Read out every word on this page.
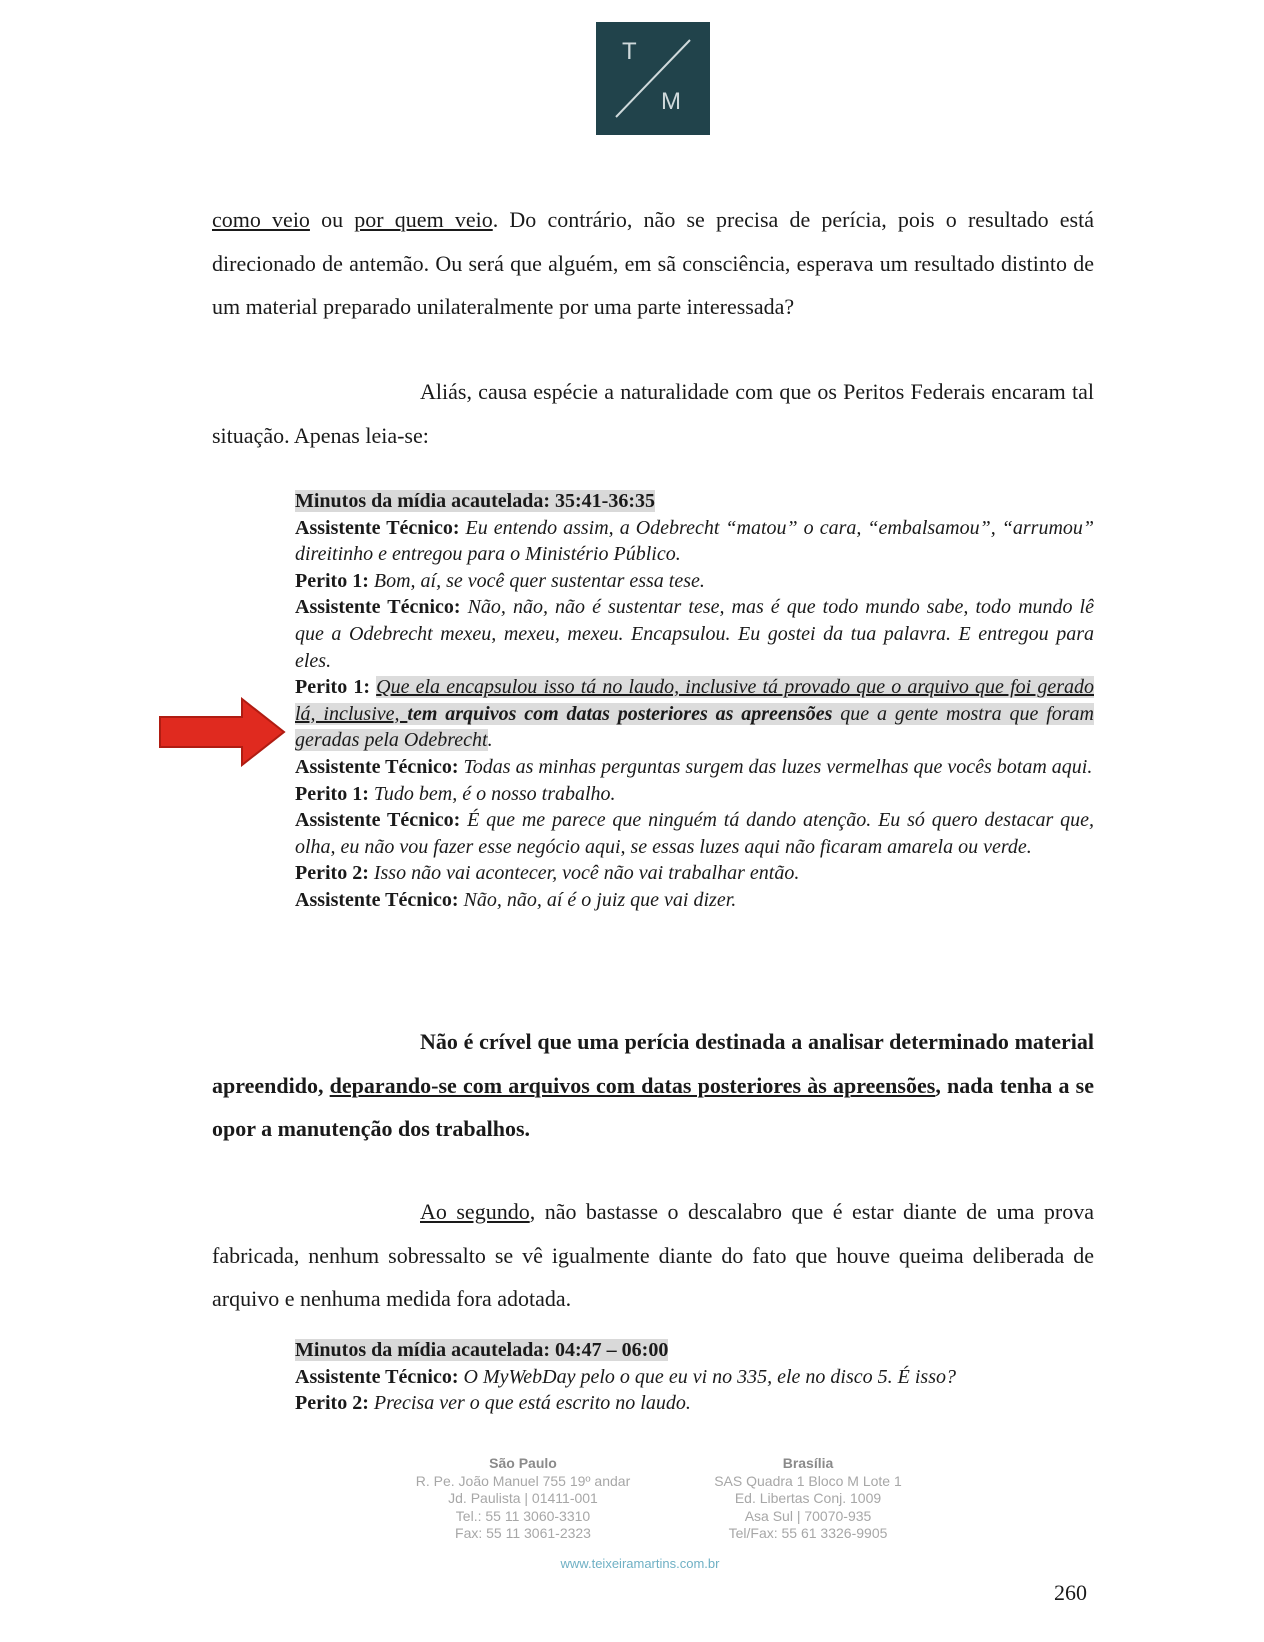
T
M

como veio ou por quem veio. Do contrário, não se precisa de perícia, pois o resultado está direcionado de antemão. Ou será que alguém, em sã consciência, esperava um resultado distinto de um material preparado unilateralmente por uma parte interessada?

Aliás, causa espécie a naturalidade com que os Peritos Federais encaram tal situação. Apenas leia-se:

Minutos da mídia acautelada: 35:41-36:35

Assistente Técnico: Eu entendo assim, a Odebrecht “matou” o cara, “embalsamou”, “arrumou” direitinho e entregou para o Ministério Público.

Perito 1: Bom, aí, se você quer sustentar essa tese.

Assistente Técnico: Não, não, não é sustentar tese, mas é que todo mundo sabe, todo mundo lê que a Odebrecht mexeu, mexeu, mexeu. Encapsulou. Eu gostei da tua palavra. E entregou para eles.

Perito 1: Que ela encapsulou isso tá no laudo, inclusive tá provado que o arquivo que foi gerado lá, inclusive, tem arquivos com datas posteriores as apreensões que a gente mostra que foram geradas pela Odebrecht.

Assistente Técnico: Todas as minhas perguntas surgem das luzes vermelhas que vocês botam aqui.

Perito 1: Tudo bem, é o nosso trabalho.

Assistente Técnico: É que me parece que ninguém tá dando atenção. Eu só quero destacar que, olha, eu não vou fazer esse negócio aqui, se essas luzes aqui não ficaram amarela ou verde.

Perito 2: Isso não vai acontecer, você não vai trabalhar então.

Assistente Técnico: Não, não, aí é o juiz que vai dizer.

Não é crível que uma perícia destinada a analisar determinado material apreendido, deparando-se com arquivos com datas posteriores às apreensões, nada tenha a se opor a manutenção dos trabalhos.

Ao segundo, não bastasse o descalabro que é estar diante de uma prova fabricada, nenhum sobressalto se vê igualmente diante do fato que houve queima deliberada de arquivo e nenhuma medida fora adotada.

Minutos da mídia acautelada: 04:47 – 06:00

Assistente Técnico: O MyWebDay pelo o que eu vi no 335, ele no disco 5. É isso?

Perito 2: Precisa ver o que está escrito no laudo.

São Paulo
R. Pe. João Manuel 755 19º andar
Jd. Paulista | 01411-001
Tel.: 55 11 3060-3310
Fax: 55 11 3061-2323
Brasília
SAS Quadra 1 Bloco M Lote 1
Ed. Libertas Conj. 1009
Asa Sul | 70070-935
Tel/Fax: 55 61 3326-9905
www.teixeiramartins.com.br
260
